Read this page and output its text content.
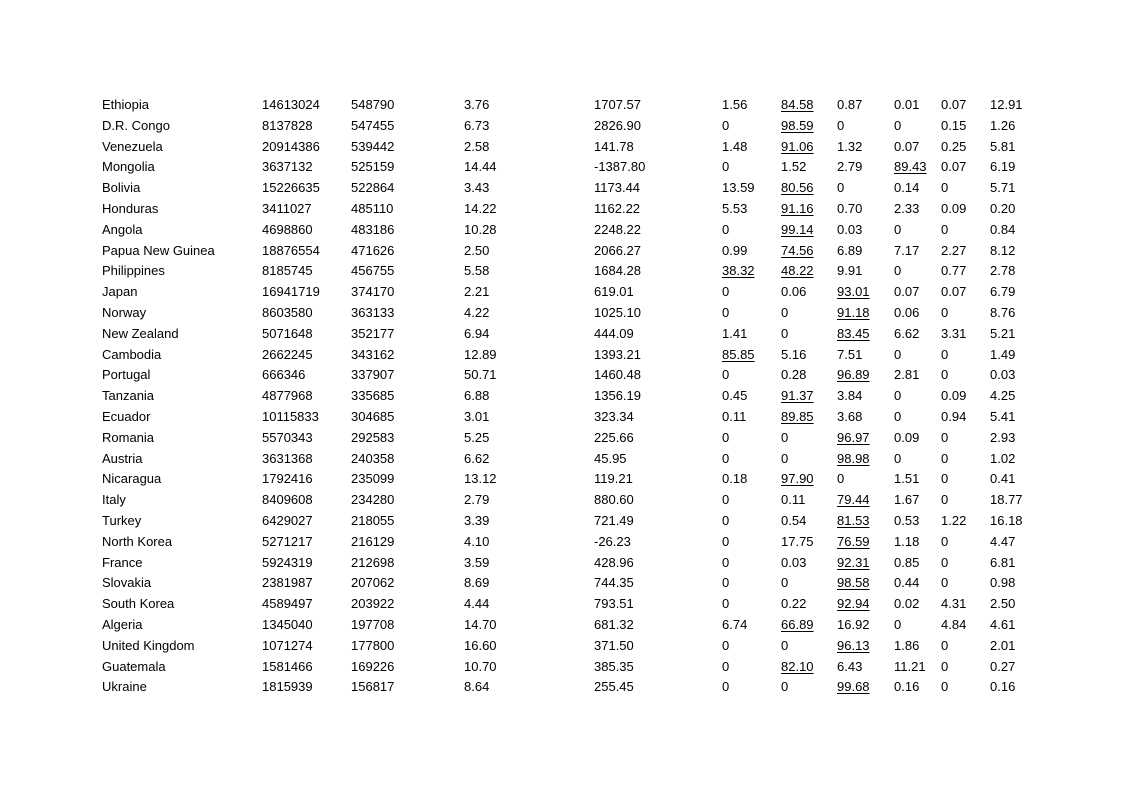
Ethiopia	14613024 548790	3.76	1707.57	1.56	84.58 0.87 0.01 0.07 12.91
D.R. Congo	8137828	547455	6.73	2826.90	0	98.59 0	0	0.15 1.26
Venezuela	20914386 539442	2.58	141.78	1.48	91.06 1.32 0.07 0.25 5.81
Mongolia	3637132	525159	14.44	-1387.80	0	1.52 2.79 89.43 0.07 6.19
Bolivia	15226635 522864	3.43	1173.44	13.59 80.56 0	0.14 0	5.71
Honduras	3411027	485110	14.22	1162.22	5.53	91.16 0.70 2.33 0.09 0.20
Angola	4698860	483186	10.28	2248.22	0	99.14 0.03 0	0	0.84
Papua New Guinea	18876554 471626	2.50	2066.27	0.99	74.56 6.89 7.17 2.27 8.12
Philippines	8185745	456755	5.58	1684.28	38.32 48.22 9.91 0	0.77 2.78
Japan	16941719 374170	2.21	619.01	0	0.06 93.01 0.07 0.07 6.79
Norway	8603580	363133	4.22	1025.10	0	0	91.18 0.06 0	8.76
New Zealand	5071648	352177	6.94	444.09	1.41	0	83.45 6.62 3.31 5.21
Cambodia	2662245	343162	12.89	1393.21	85.85 5.16 7.51 0	0	1.49
Portugal	666346	337907	50.71	1460.48	0	0.28 96.89 2.81 0	0.03
Tanzania	4877968	335685	6.88	1356.19	0.45	91.37 3.84 0	0.09 4.25
Ecuador	10115833 304685	3.01	323.34	0.11	89.85 3.68 0	0.94 5.41
Romania	5570343	292583	5.25	225.66	0	0	96.97 0.09 0	2.93
Austria	3631368	240358	6.62	45.95	0	0	98.98 0	0	1.02
Nicaragua	1792416	235099	13.12	119.21	0.18	97.90 0	1.51 0	0.41
Italy	8409608	234280	2.79	880.60	0	0.11 79.44 1.67 0	18.77
Turkey	6429027	218055	3.39	721.49	0	0.54 81.53 0.53 1.22 16.18
North Korea	5271217	216129	4.10	-26.23	0	17.75 76.59 1.18 0	4.47
France	5924319	212698	3.59	428.96	0	0.03 92.31 0.85 0	6.81
Slovakia	2381987	207062	8.69	744.35	0	0	98.58 0.44 0	0.98
South Korea	4589497	203922	4.44	793.51	0	0.22 92.94 0.02 4.31 2.50
Algeria	1345040	197708	14.70	681.32	6.74	66.89 16.92 0	4.84 4.61
United Kingdom	1071274	177800	16.60	371.50	0	0	96.13 1.86 0	2.01
Guatemala	1581466	169226	10.70	385.35	0	82.10 6.43 11.21 0	0.27
Ukraine	1815939	156817	8.64	255.45	0	0	99.68 0.16 0	0.16
